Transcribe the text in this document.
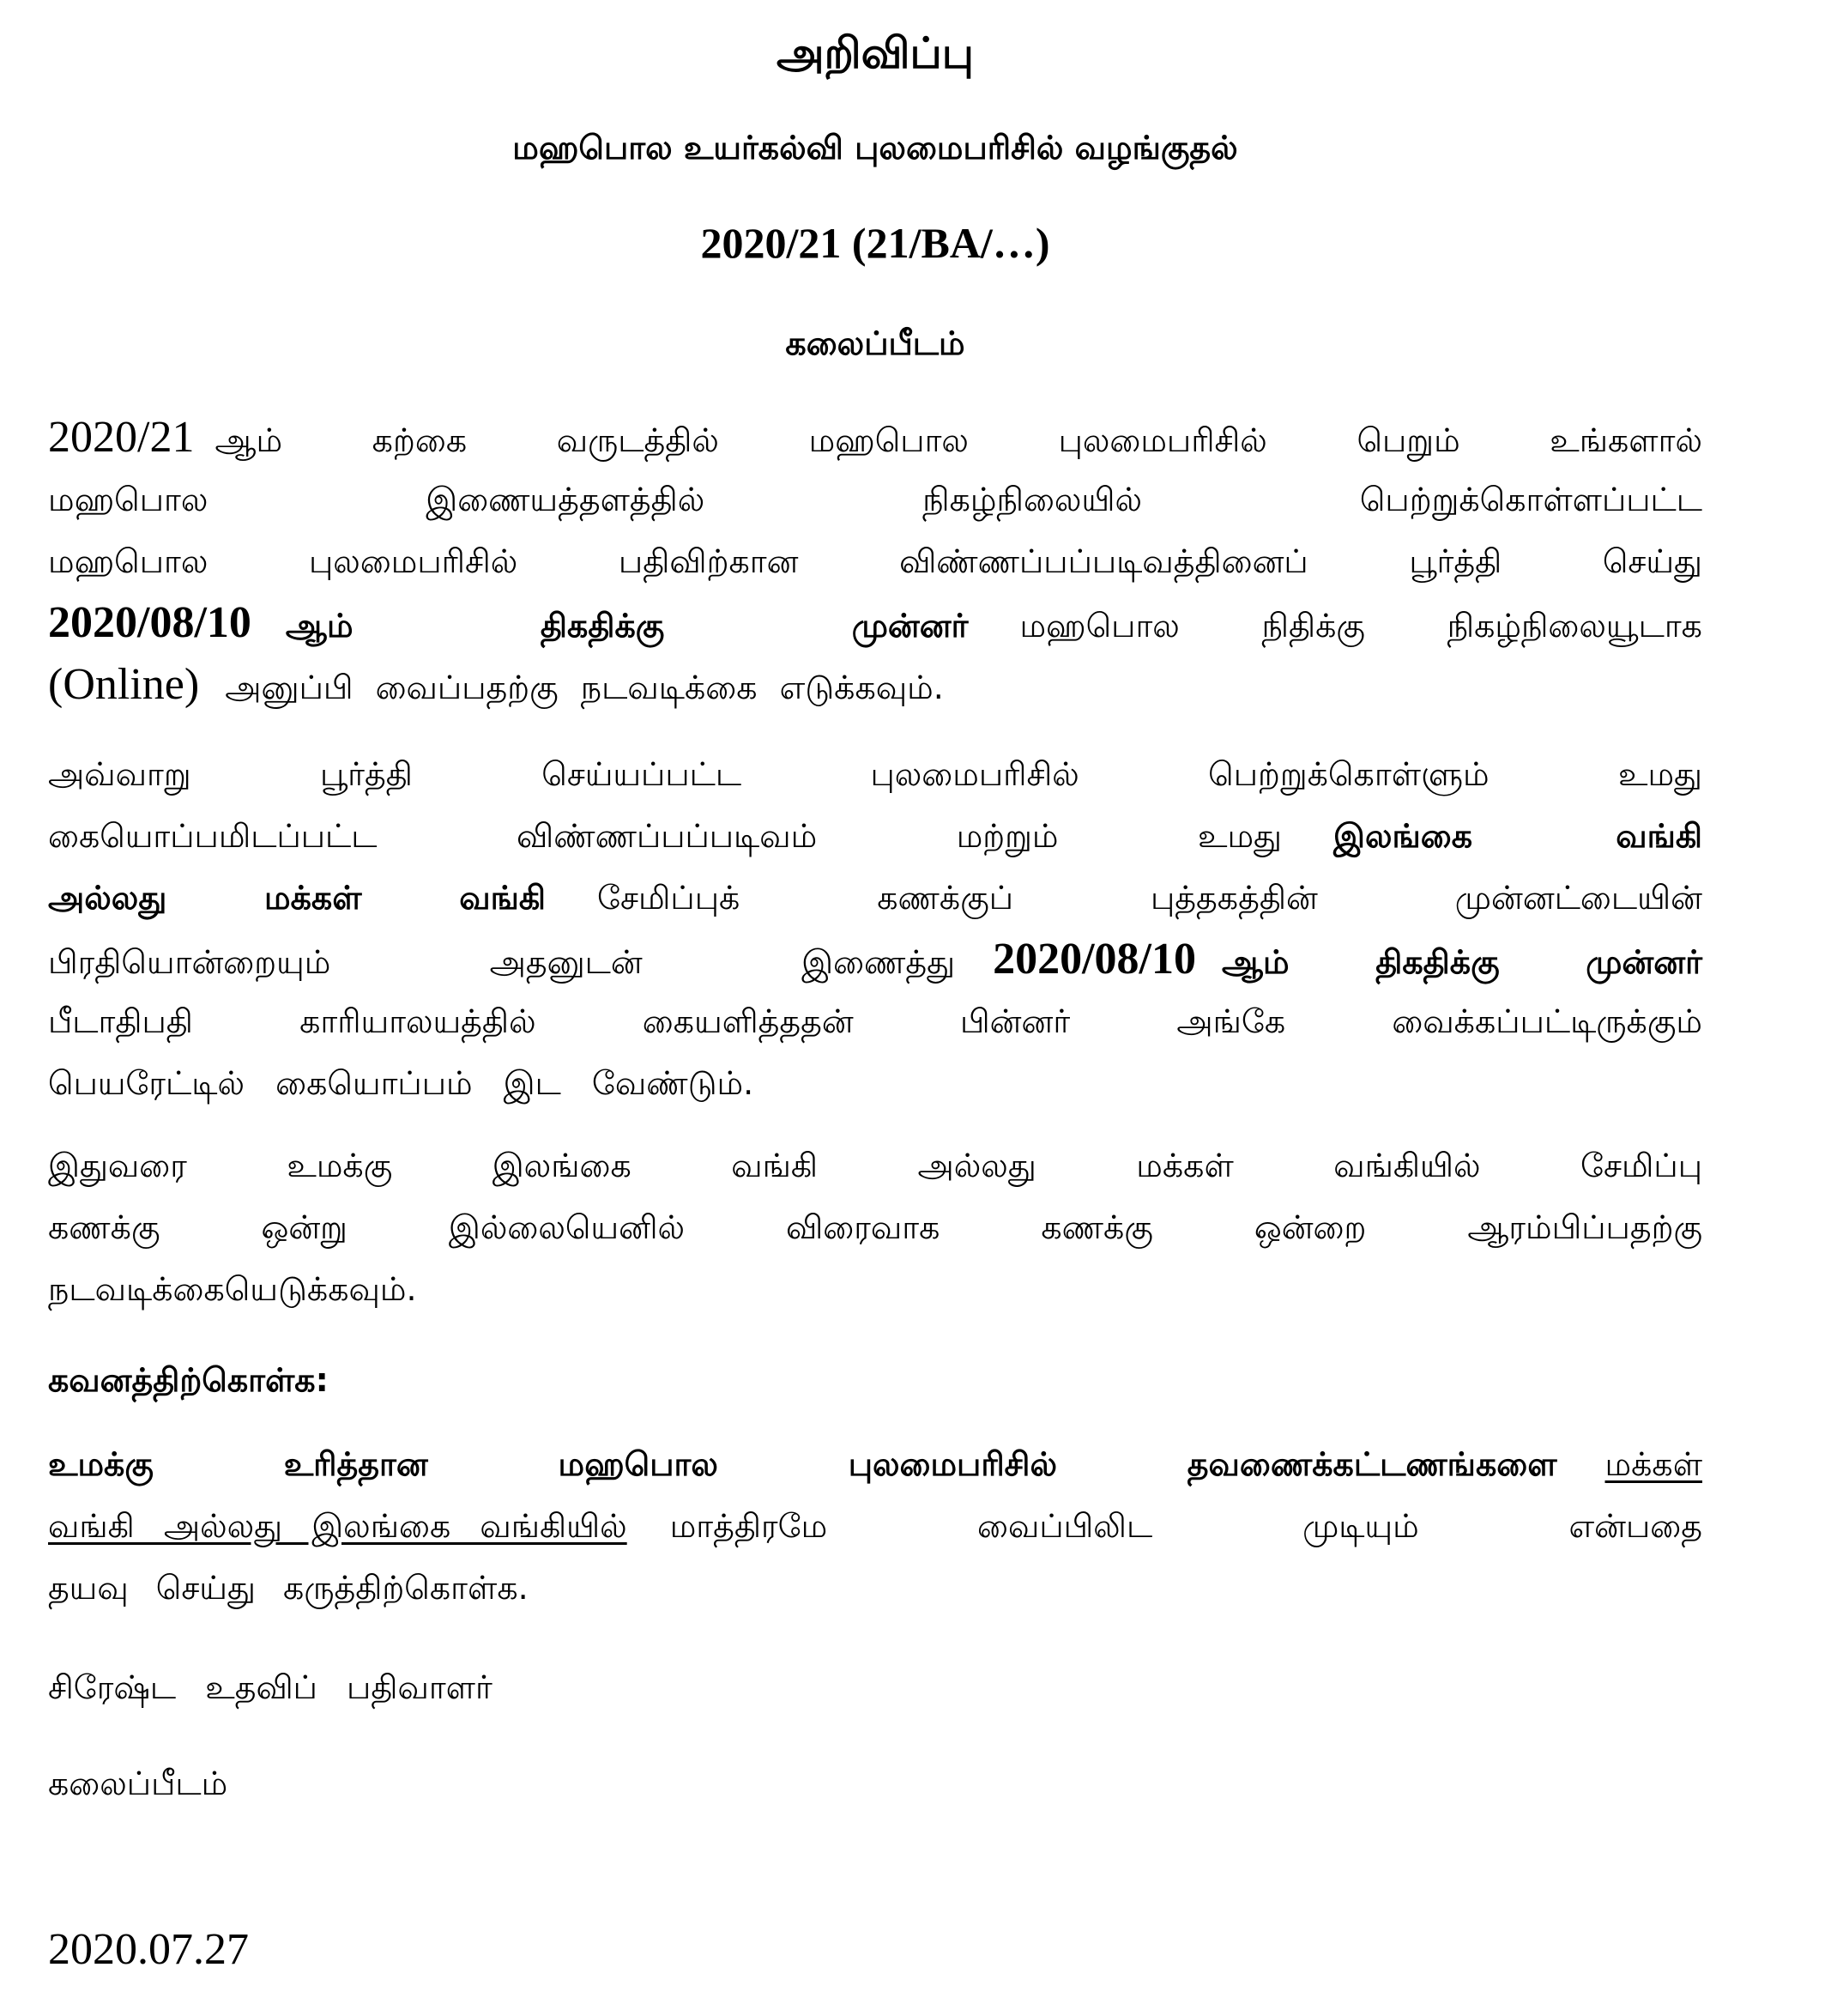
அறிவிப்பு
மஹபொல உயர்கல்வி புலமைபரிசில் வழங்குதல்
2020/21 (21/BA/…)
கலைப்பீடம்
2020/21 ஆம் கற்கை வருடத்தில் மஹபொல புலமைபரிசில் பெறும் உங்களால்
மஹபொல இணையத்தளத்தில் நிகழ்நிலையில் பெற்றுக்கொள்ளப்பட்ட
மஹபொல புலமைபரிசில் பதிவிற்கான விண்ணப்பப்படிவத்தினைப் பூர்த்தி செய்து
2020/08/10 ஆம் திகதிக்கு முன்னர் மஹபொல நிதிக்கு நிகழ்நிலையூடாக
(Online) அனுப்பி வைப்பதற்கு நடவடிக்கை எடுக்கவும்.
அவ்வாறு பூர்த்தி செய்யப்பட்ட புலமைபரிசில் பெற்றுக்கொள்ளும் உமது
கையொப்பமிடப்பட்ட விண்ணப்பப்படிவம் மற்றும் உமது இலங்கை வங்கி
அல்லது மக்கள் வங்கி சேமிப்புக் கணக்குப் புத்தகத்தின் முன்னட்டையின்
பிரதியொன்றையும் அதனுடன் இணைத்து 2020/08/10 ஆம் திகதிக்கு முன்னர்
பீடாதிபதி காரியாலயத்தில் கையளித்ததன் பின்னர் அங்கே வைக்கப்பட்டிருக்கும்
பெயரேட்டில் கையொப்பம் இட வேண்டும்.
இதுவரை உமக்கு இலங்கை வங்கி அல்லது மக்கள் வங்கியில் சேமிப்பு
கணக்கு ஒன்று இல்லையெனில் விரைவாக கணக்கு ஒன்றை ஆரம்பிப்பதற்கு
நடவடிக்கையெடுக்கவும்.
கவனத்திற்கொள்க:
உமக்கு உரித்தான மஹபொல புலமைபரிசில் தவணைக்கட்டணங்களை மக்கள்
வங்கி அல்லது இலங்கை வங்கியில் மாத்திரமே வைப்பிலிட முடியும் என்பதை
தயவு செய்து கருத்திற்கொள்க.
சிரேஷ்ட உதவிப் பதிவாளர்
கலைப்பீடம்
2020.07.27
